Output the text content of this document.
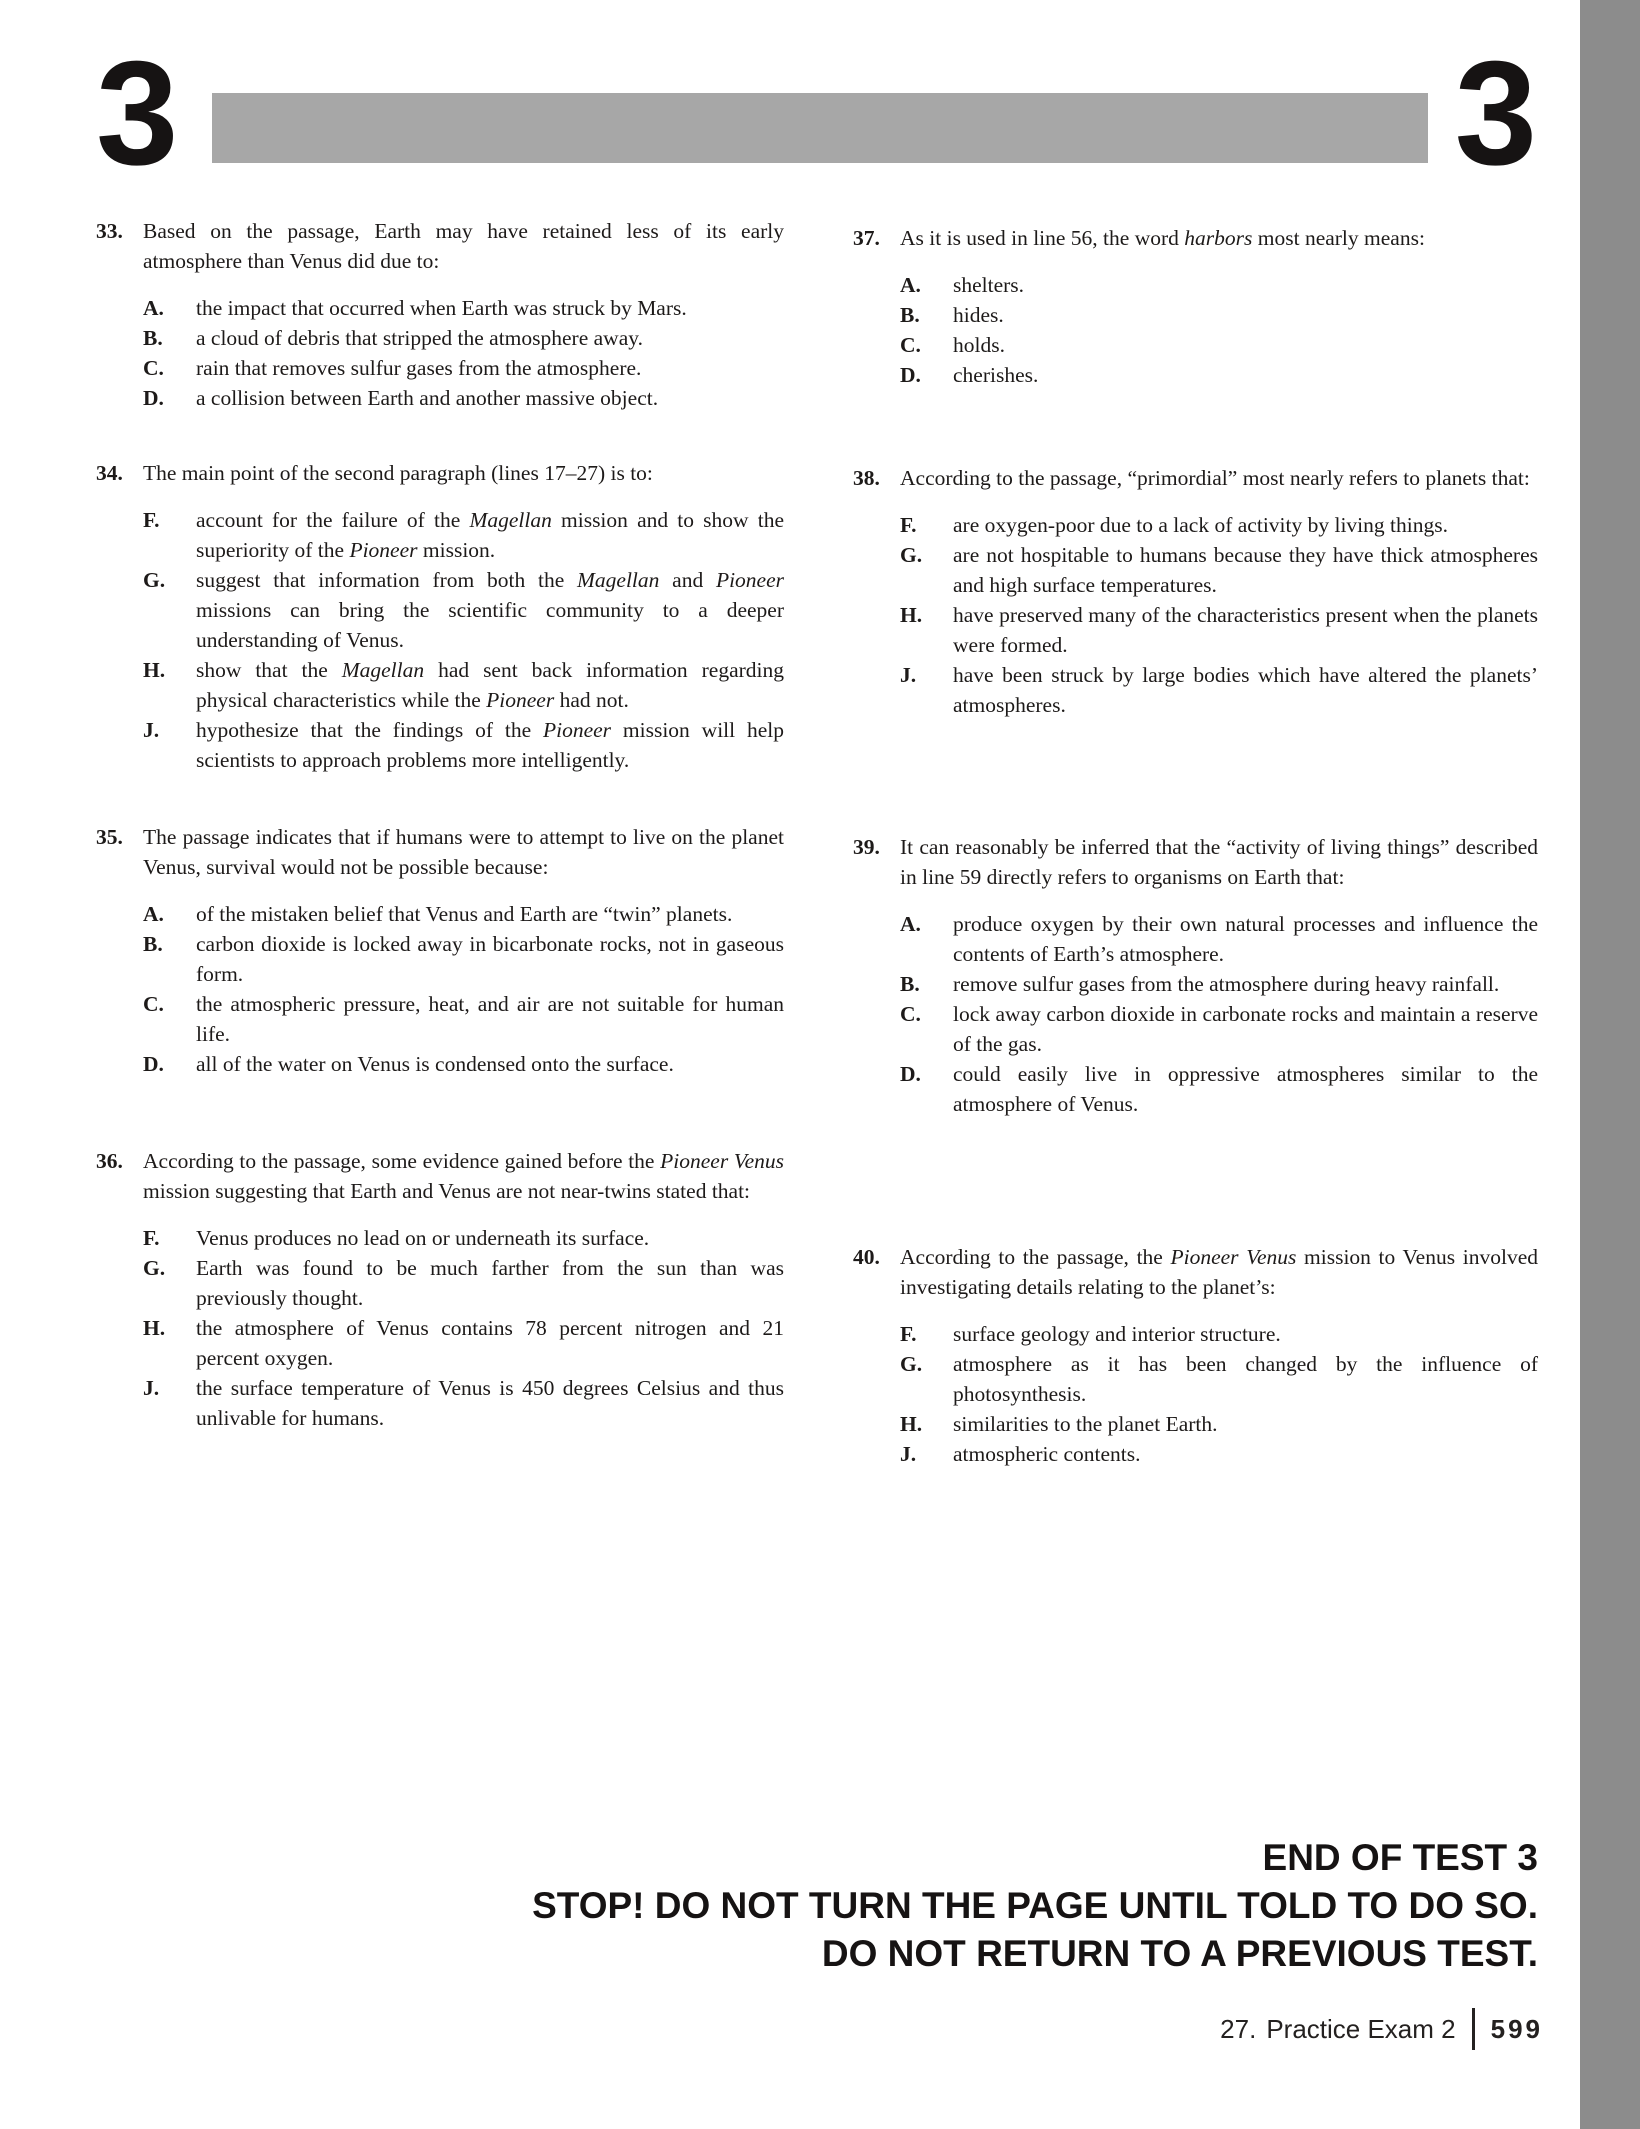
3	3
33. Based on the passage, Earth may have retained less of its early atmosphere than Venus did due to:

A.	the impact that occurred when Earth was struck by Mars.
B.	a cloud of debris that stripped the atmosphere away.
C.	rain that removes sulfur gases from the atmosphere.
D.	a collision between Earth and another massive object.
34. The main point of the second paragraph (lines 17–27) is to:

F.	account for the failure of the Magellan mission and to show the superiority of the Pioneer mission.
G.	suggest that information from both the Magellan and Pioneer missions can bring the scientific community to a deeper understanding of Venus.
H.	show that the Magellan had sent back information regarding physical characteristics while the Pioneer had not.
J.	hypothesize that the findings of the Pioneer mission will help scientists to approach problems more intelligently.
35. The passage indicates that if humans were to attempt to live on the planet Venus, survival would not be possible because:

A.	of the mistaken belief that Venus and Earth are “twin” planets.
B.	carbon dioxide is locked away in bicarbonate rocks, not in gaseous form.
C.	the atmospheric pressure, heat, and air are not suitable for human life.
D.	all of the water on Venus is condensed onto the surface.
36. According to the passage, some evidence gained before the Pioneer Venus mission suggesting that Earth and Venus are not near-twins stated that:

F.	Venus produces no lead on or underneath its surface.
G.	Earth was found to be much farther from the sun than was previously thought.
H.	the atmosphere of Venus contains 78 percent nitrogen and 21 percent oxygen.
J.	the surface temperature of Venus is 450 degrees Celsius and thus unlivable for humans.
37. As it is used in line 56, the word harbors most nearly means:

A.	shelters.
B.	hides.
C.	holds.
D.	cherishes.
38. According to the passage, “primordial” most nearly refers to planets that:

F.	are oxygen-poor due to a lack of activity by living things.
G.	are not hospitable to humans because they have thick atmospheres and high surface temperatures.
H.	have preserved many of the characteristics present when the planets were formed.
J.	have been struck by large bodies which have altered the planets’ atmospheres.
39. It can reasonably be inferred that the “activity of living things” described in line 59 directly refers to organisms on Earth that:

A.	produce oxygen by their own natural processes and influence the contents of Earth’s atmosphere.
B.	remove sulfur gases from the atmosphere during heavy rainfall.
C.	lock away carbon dioxide in carbonate rocks and maintain a reserve of the gas.
D.	could easily live in oppressive atmospheres similar to the atmosphere of Venus.
40. According to the passage, the Pioneer Venus mission to Venus involved investigating details relating to the planet’s:

F.	surface geology and interior structure.
G.	atmosphere as it has been changed by the influence of photosynthesis.
H.	similarities to the planet Earth.
J.	atmospheric contents.
END OF TEST 3
STOP! DO NOT TURN THE PAGE UNTIL TOLD TO DO SO.
DO NOT RETURN TO A PREVIOUS TEST.
27. Practice Exam 2 599
